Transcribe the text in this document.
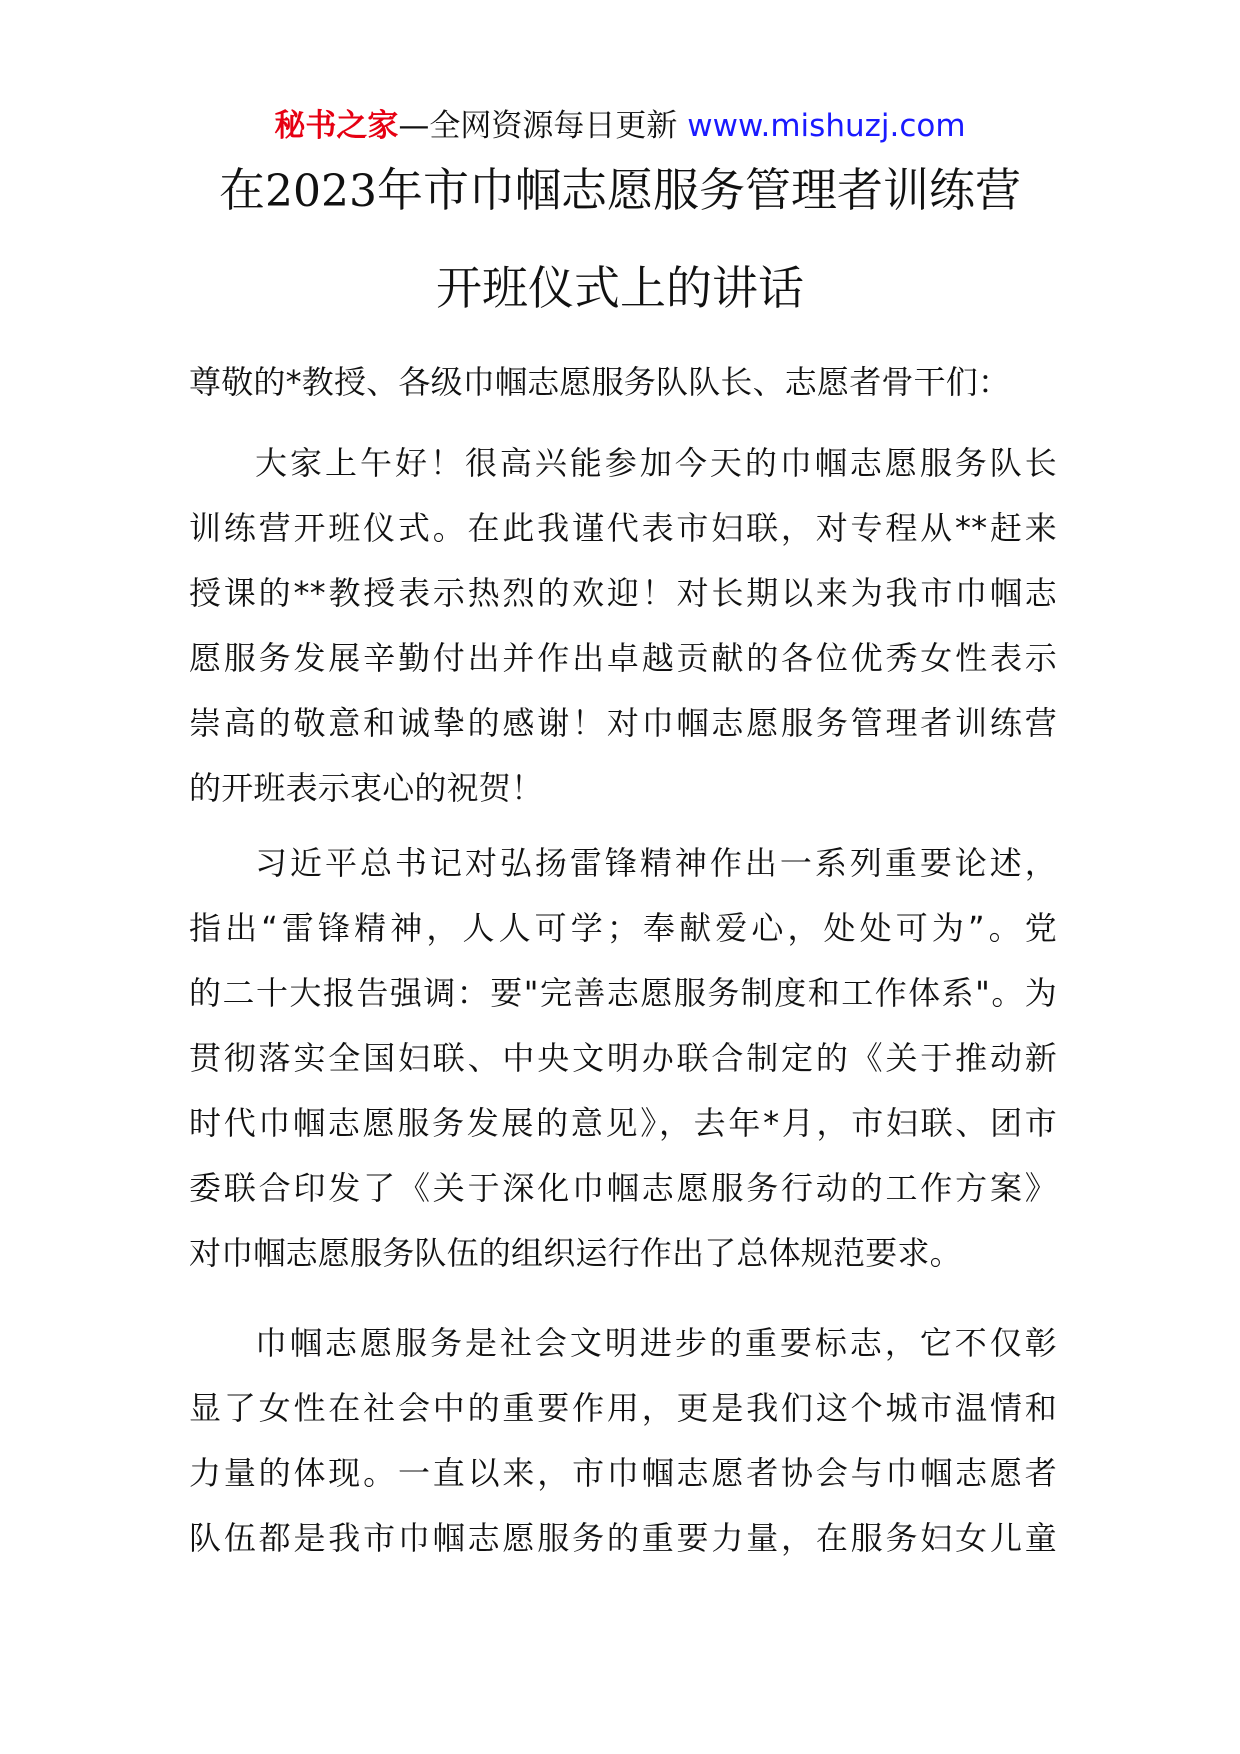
秘书之家—全网资源每日更新 www.mishuzj.com
在2023年市巾帼志愿服务管理者训练营
开班仪式上的讲话
尊敬的*教授、各级巾帼志愿服务队队长、志愿者骨干们：
大家上午好！很高兴能参加今天的巾帼志愿服务队长
训练营开班仪式。在此我谨代表市妇联，对专程从**赶来
授课的**教授表示热烈的欢迎！对长期以来为我市巾帼志
愿服务发展辛勤付出并作出卓越贡献的各位优秀女性表示
崇高的敬意和诚挚的感谢！对巾帼志愿服务管理者训练营
的开班表示衷心的祝贺！
习近平总书记对弘扬雷锋精神作出一系列重要论述，
指出“雷锋精神，人人可学；奉献爱心，处处可为”。党
的二十大报告强调：要"完善志愿服务制度和工作体系"。为
贯彻落实全国妇联、中央文明办联合制定的《关于推动新
时代巾帼志愿服务发展的意见》，去年*月，市妇联、团市
委联合印发了《关于深化巾帼志愿服务行动的工作方案》
对巾帼志愿服务队伍的组织运行作出了总体规范要求。
巾帼志愿服务是社会文明进步的重要标志，它不仅彰
显了女性在社会中的重要作用，更是我们这个城市温情和
力量的体现。一直以来，市巾帼志愿者协会与巾帼志愿者
队伍都是我市巾帼志愿服务的重要力量，在服务妇女儿童
